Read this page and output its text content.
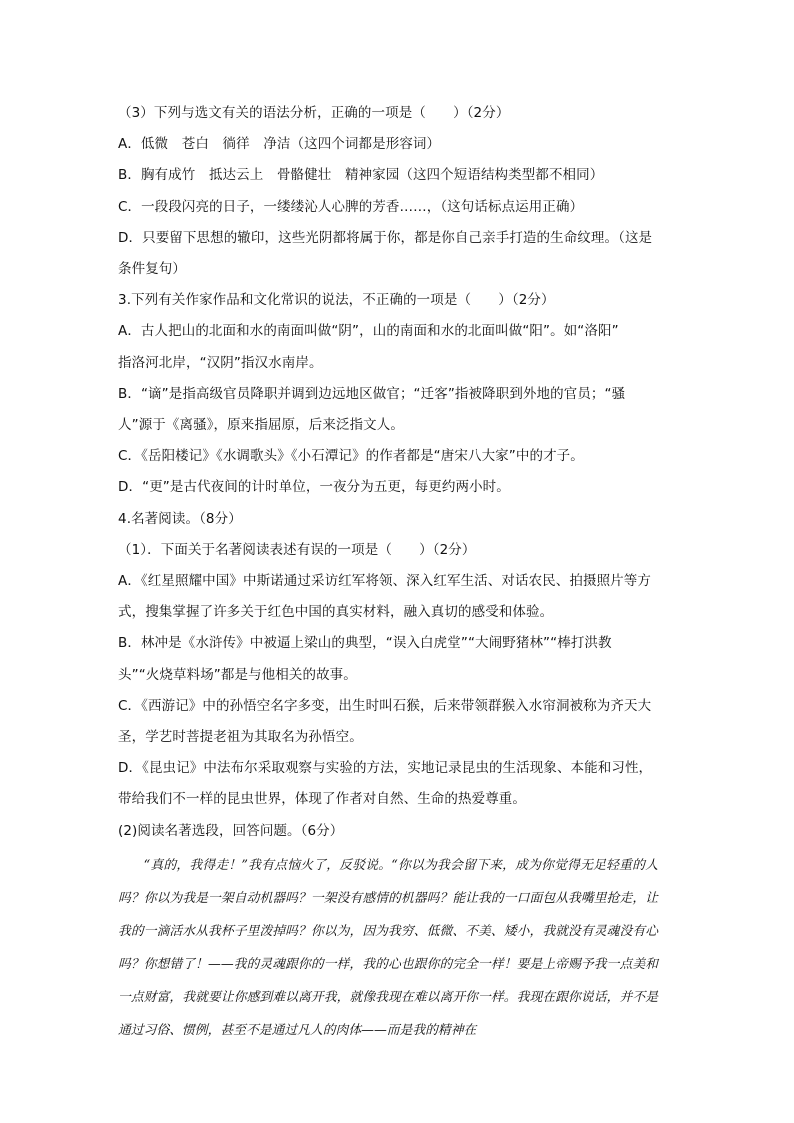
（3）下列与选文有关的语法分析，正确的一项是（　　）（2分）
A．低微　苍白　徜徉　净洁（这四个词都是形容词）
B．胸有成竹　抵达云上　骨骼健壮　精神家园（这四个短语结构类型都不相同）
C．一段段闪亮的日子，一缕缕沁人心脾的芳香……，（这句话标点运用正确）
D．只要留下思想的辙印，这些光阴都将属于你，都是你自己亲手打造的生命纹理。（这是
条件复句）
3.下列有关作家作品和文化常识的说法，不正确的一项是（　　）（2分）
A．古人把山的北面和水的南面叫做“阴”，山的南面和水的北面叫做“阳”。如“洛阳”
指洛河北岸，“汉阴”指汉水南岸。
B．“谪”是指高级官员降职并调到边远地区做官；“迁客”指被降职到外地的官员；“骚
人”源于《离骚》，原来指屈原，后来泛指文人。
C．《岳阳楼记》《水调歌头》《小石潭记》的作者都是“唐宋八大家”中的才子。
D．“更”是古代夜间的计时单位，一夜分为五更，每更约两小时。
4.名著阅读。（8分）
（1）．下面关于名著阅读表述有误的一项是（　　）（2分）
A．《红星照耀中国》中斯诺通过采访红军将领、深入红军生活、对话农民、拍摄照片等方
式，搜集掌握了许多关于红色中国的真实材料，融入真切的感受和体验。
B．林冲是《水浒传》中被逼上梁山的典型，“误入白虎堂”“大闹野猪林”“棒打洪教
头”“火烧草料场”都是与他相关的故事。
C．《西游记》中的孙悟空名字多变，出生时叫石猴，后来带领群猴入水帘洞被称为齐天大
圣，学艺时菩提老祖为其取名为孙悟空。
D．《昆虫记》中法布尔采取观察与实验的方法，实地记录昆虫的生活现象、本能和习性，
带给我们不一样的昆虫世界，体现了作者对自然、生命的热爱尊重。
(2)阅读名著选段，回答问题。（6分）
“真的，我得走！”我有点恼火了，反驳说。“你以为我会留下来，成为你觉得无足轻重的人吗？你以为我是一架自动机器吗？一架没有感情的机器吗？能让我的一口面包从我嘴里抢走，让我的一滴活水从我杯子里泼掉吗？你以为，因为我穷、低微、不美、矮小，我就没有灵魂没有心吗？你想错了！——我的灵魂跟你的一样，我的心也跟你的完全一样！要是上帝赐予我一点美和一点财富，我就要让你感到难以离开我，就像我现在难以离开你一样。我现在跟你说话，并不是通过习俗、惯例，甚至不是通过凡人的肉体——而是我的精神在
